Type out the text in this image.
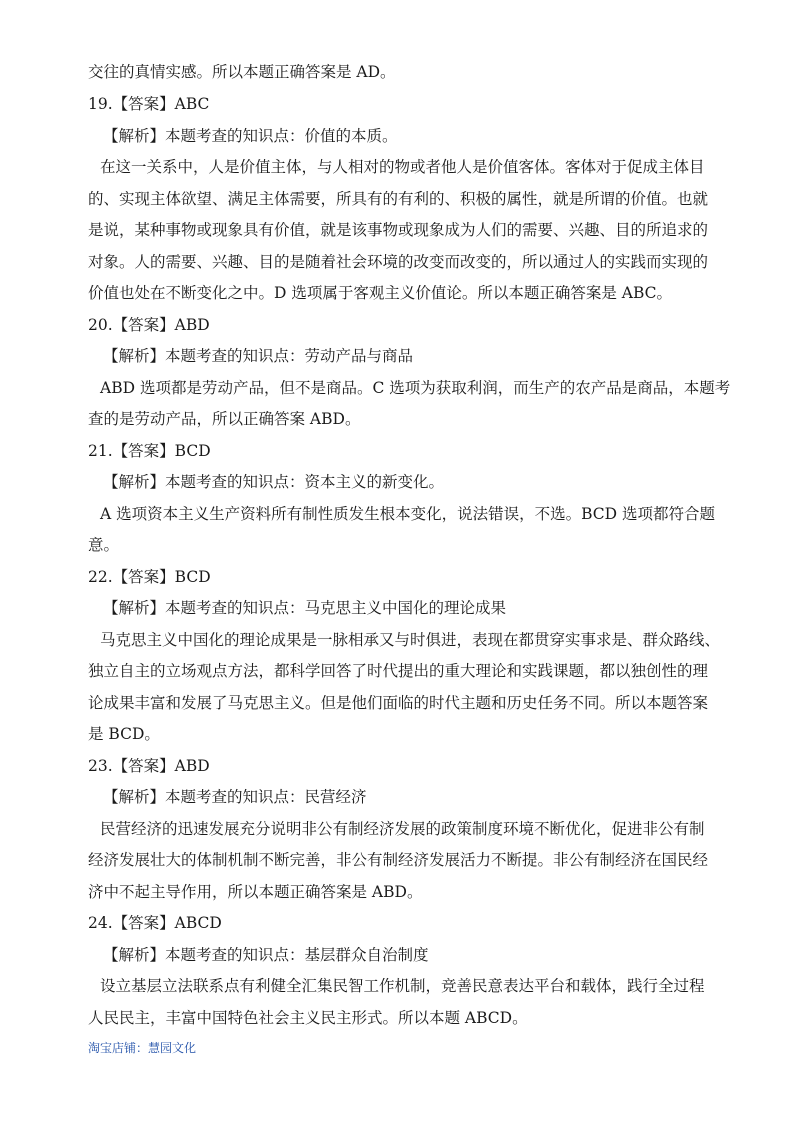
交往的真情实感。所以本题正确答案是 AD。
19.【答案】ABC
【解析】本题考查的知识点：价值的本质。
在这一关系中，人是价值主体，与人相对的物或者他人是价值客体。客体对于促成主体目
的、实现主体欲望、满足主体需要，所具有的有利的、积极的属性，就是所谓的价值。也就
是说，某种事物或现象具有价值，就是该事物或现象成为人们的需要、兴趣、目的所追求的
对象。人的需要、兴趣、目的是随着社会环境的改变而改变的，所以通过人的实践而实现的
价值也处在不断变化之中。D 选项属于客观主义价值论。所以本题正确答案是 ABC。
20.【答案】ABD
【解析】本题考查的知识点：劳动产品与商品
ABD 选项都是劳动产品，但不是商品。C 选项为获取利润，而生产的农产品是商品，本题考
查的是劳动产品，所以正确答案 ABD。
21.【答案】BCD
【解析】本题考查的知识点：资本主义的新变化。
A 选项资本主义生产资料所有制性质发生根本变化，说法错误，不选。BCD 选项都符合题
意。
22.【答案】BCD
【解析】本题考查的知识点：马克思主义中国化的理论成果
马克思主义中国化的理论成果是一脉相承又与时俱进，表现在都贯穿实事求是、群众路线、
独立自主的立场观点方法，都科学回答了时代提出的重大理论和实践课题，都以独创性的理
论成果丰富和发展了马克思主义。但是他们面临的时代主题和历史任务不同。所以本题答案
是 BCD。
23.【答案】ABD
【解析】本题考查的知识点：民营经济
民营经济的迅速发展充分说明非公有制经济发展的政策制度环境不断优化，促进非公有制
经济发展壮大的体制机制不断完善，非公有制经济发展活力不断提。非公有制经济在国民经
济中不起主导作用，所以本题正确答案是 ABD。
24.【答案】ABCD
【解析】本题考查的知识点：基层群众自治制度
设立基层立法联系点有利健全汇集民智工作机制，竞善民意表达平台和载体，践行全过程
人民民主，丰富中国特色社会主义民主形式。所以本题 ABCD。
淘宝店铺：慧园文化
